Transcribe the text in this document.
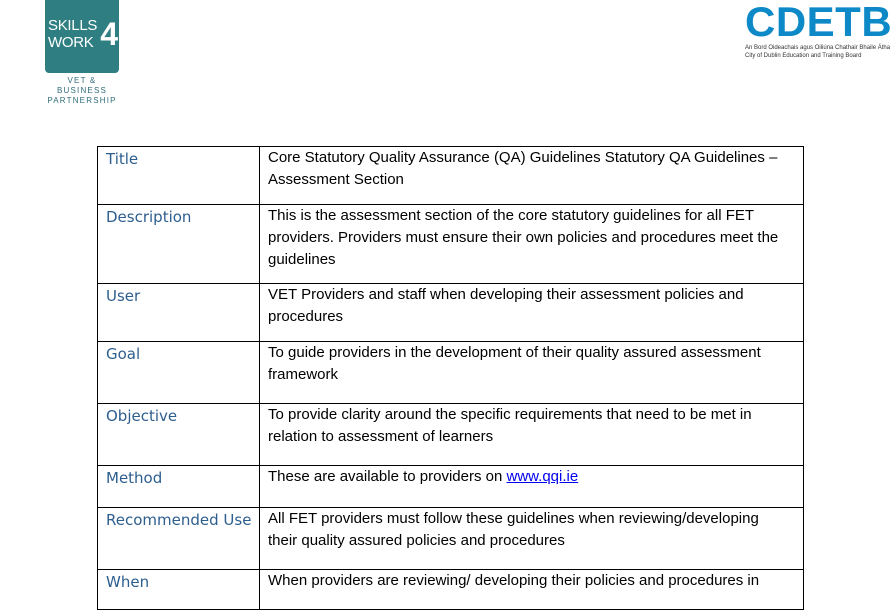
SKILLS
WORK 4
VET & BUSINESS
PARTNERSHIP
CDETB
An Bord Oideachais agus Oiliúna Chathair Bhaile Átha
City of Dublin Education and Training Board
Title	Core Statutory Quality Assurance (QA) Guidelines Statutory QA Guidelines – Assessment Section
Description	This is the assessment section of the core statutory guidelines for all FET providers. Providers must ensure their own policies and procedures meet the guidelines
User	VET Providers and staff when developing their assessment policies and procedures
Goal	To guide providers in the development of their quality assured assessment framework
Objective	To provide clarity around the specific requirements that need to be met in relation to assessment of learners
Method	These are available to providers on www.qqi.ie
Recommended Use	All FET providers must follow these guidelines when reviewing/developing their quality assured policies and procedures
When	When providers are reviewing/ developing their policies and procedures in
